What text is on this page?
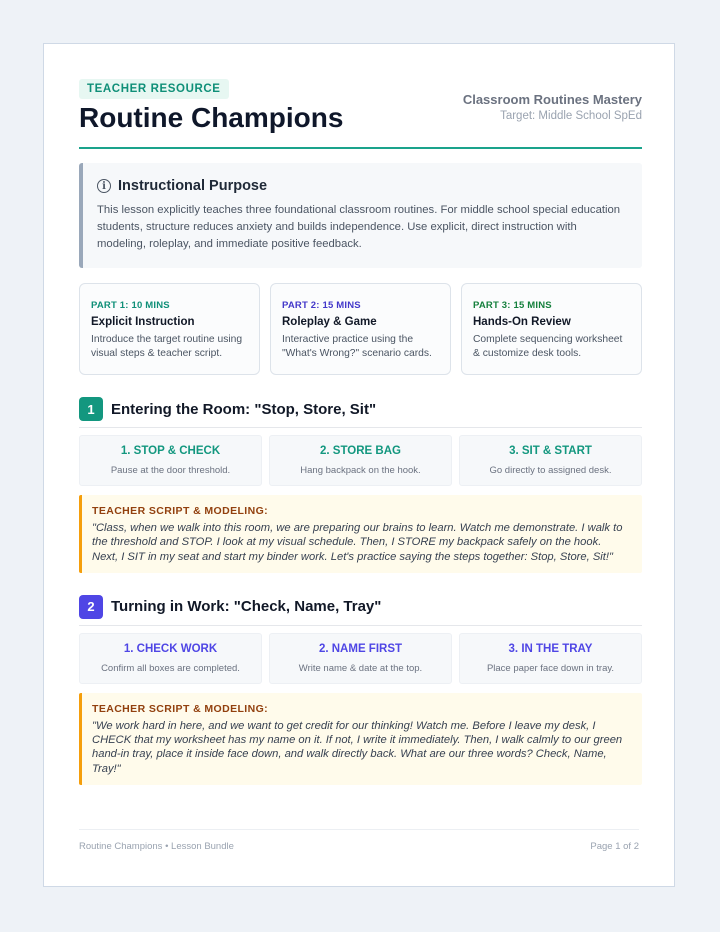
TEACHER RESOURCE
Routine Champions
Classroom Routines Mastery
Target: Middle School SpEd
i Instructional Purpose
This lesson explicitly teaches three foundational classroom routines. For middle school special education students, structure reduces anxiety and builds independence. Use explicit, direct instruction with modeling, roleplay, and immediate positive feedback.
PART 1: 10 MINS
Explicit Instruction
Introduce the target routine using visual steps & teacher script.
PART 2: 15 MINS
Roleplay & Game
Interactive practice using the "What's Wrong?" scenario cards.
PART 3: 15 MINS
Hands-On Review
Complete sequencing worksheet & customize desk tools.
1	Entering the Room: "Stop, Store, Sit"
1. STOP & CHECK
Pause at the door threshold.
2. STORE BAG
Hang backpack on the hook.
3. SIT & START
Go directly to assigned desk.
TEACHER SCRIPT & MODELING:
"Class, when we walk into this room, we are preparing our brains to learn. Watch me demonstrate. I walk to the threshold and STOP. I look at my visual schedule. Then, I STORE my backpack safely on the hook. Next, I SIT in my seat and start my binder work. Let's practice saying the steps together: Stop, Store, Sit!"
2	Turning in Work: "Check, Name, Tray"
1. CHECK WORK
Confirm all boxes are completed.
2. NAME FIRST
Write name & date at the top.
3. IN THE TRAY
Place paper face down in tray.
TEACHER SCRIPT & MODELING:
"We work hard in here, and we want to get credit for our thinking! Watch me. Before I leave my desk, I CHECK that my worksheet has my name on it. If not, I write it immediately. Then, I walk calmly to our green hand-in tray, place it inside face down, and walk directly back. What are our three words? Check, Name, Tray!"
Routine Champions • Lesson Bundle	Page 1 of 2
